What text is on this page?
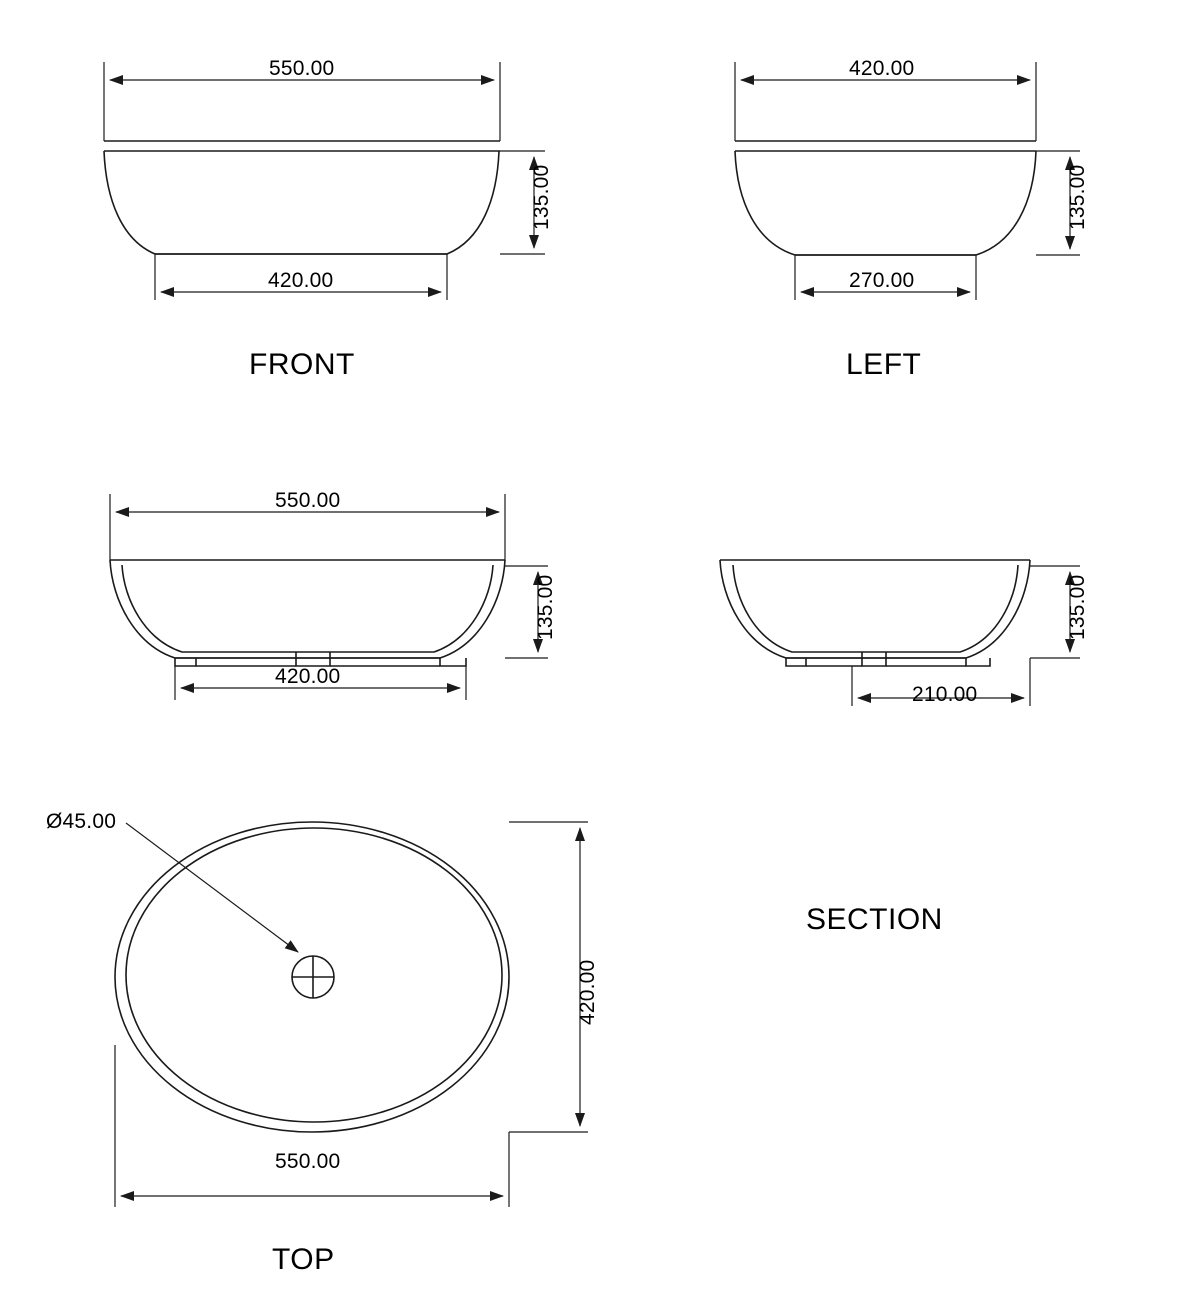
550.00
135.00
420.00
FRONT
420.00
135.00
270.00
LEFT
550.00
135.00
420.00
135.00
210.00
SECTION
Ø45.00
420.00
550.00
TOP
